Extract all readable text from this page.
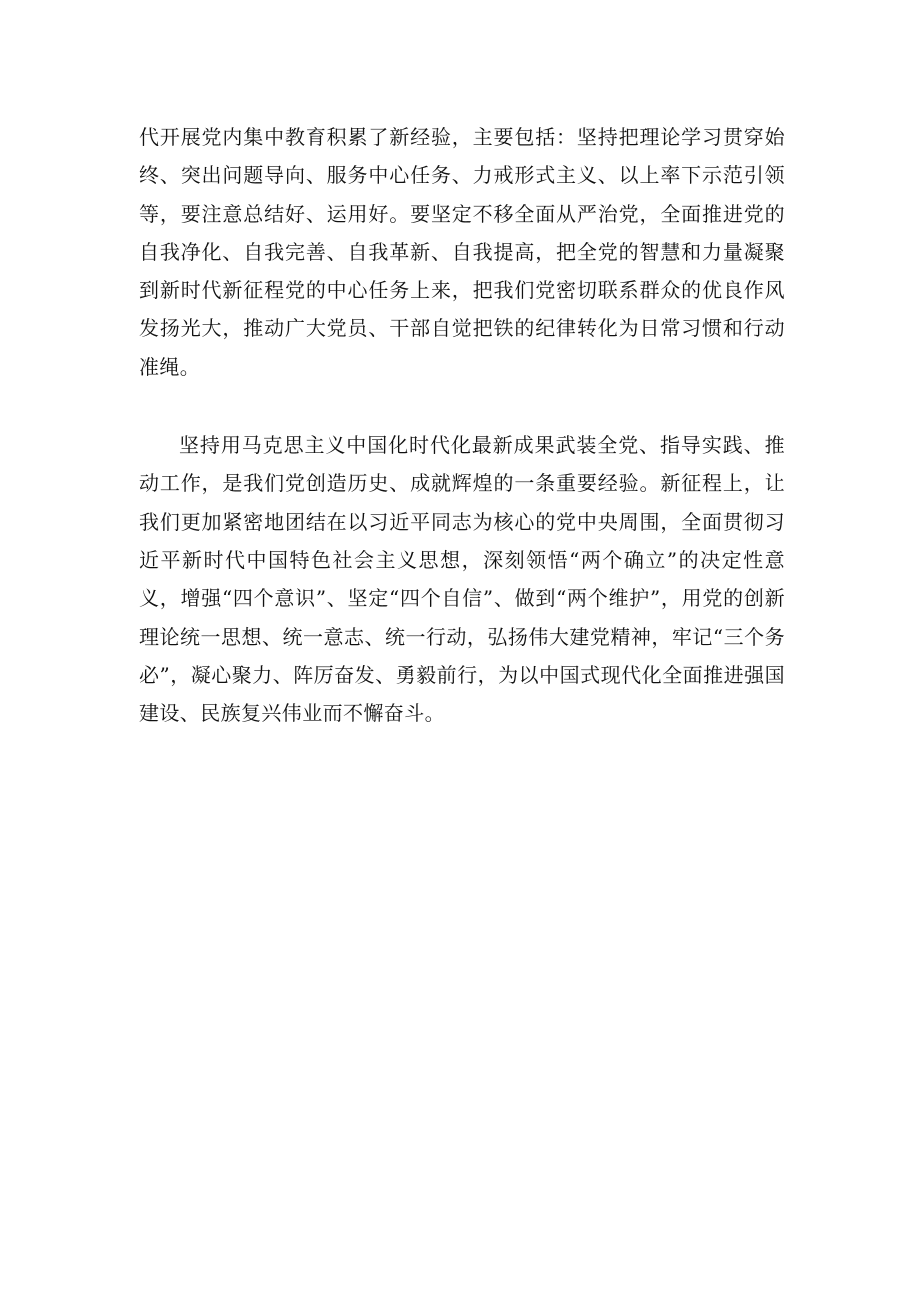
代开展党内集中教育积累了新经验，主要包括：坚持把理论学习贯穿始终、突出问题导向、服务中心任务、力戒形式主义、以上率下示范引领等，要注意总结好、运用好。要坚定不移全面从严治党，全面推进党的自我净化、自我完善、自我革新、自我提高，把全党的智慧和力量凝聚到新时代新征程党的中心任务上来，把我们党密切联系群众的优良作风发扬光大，推动广大党员、干部自觉把铁的纪律转化为日常习惯和行动准绳。

坚持用马克思主义中国化时代化最新成果武装全党、指导实践、推动工作，是我们党创造历史、成就辉煌的一条重要经验。新征程上，让我们更加紧密地团结在以习近平同志为核心的党中央周围，全面贯彻习近平新时代中国特色社会主义思想，深刻领悟“两个确立”的决定性意义，增强“四个意识”、坚定“四个自信”、做到“两个维护”，用党的创新理论统一思想、统一意志、统一行动，弘扬伟大建党精神，牢记“三个务必”，凝心聚力、阵厉奋发、勇毅前行，为以中国式现代化全面推进强国建设、民族复兴伟业而不懈奋斗。
